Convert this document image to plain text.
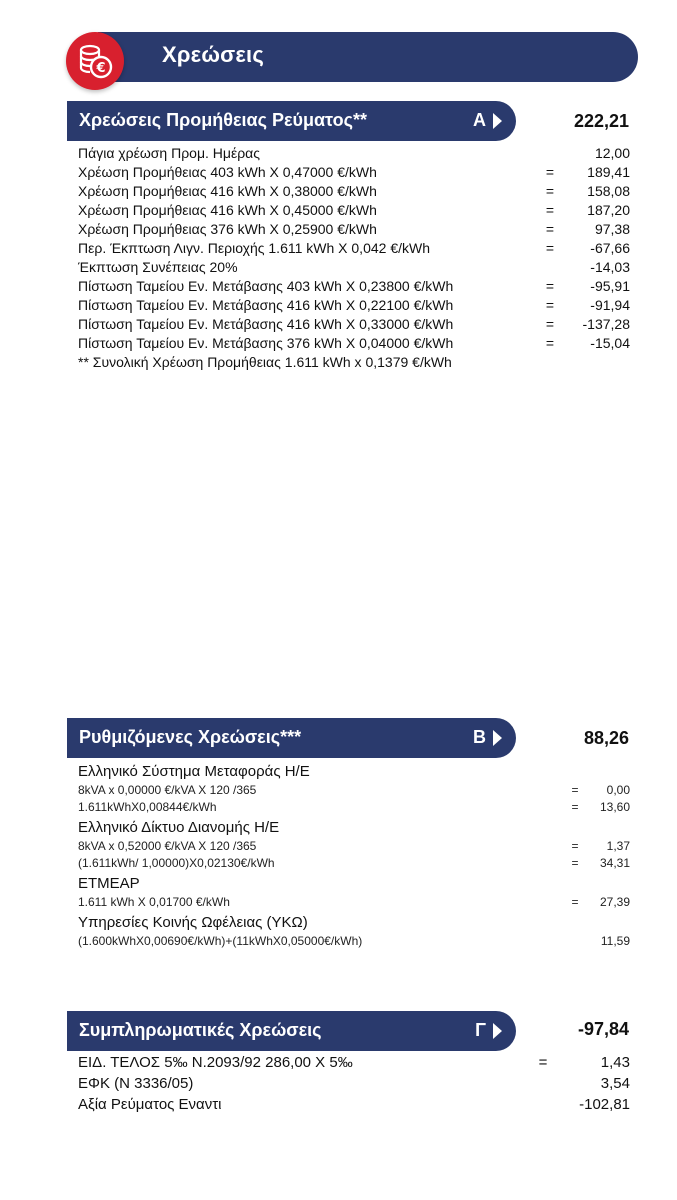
Χρεώσεις
€
Χρεώσεις Προμήθειας Ρεύματος**	Α	222,21
Πάγια χρέωση Προμ. Ημέρας	12,00
Χρέωση Προμήθειας 403 kWh X 0,47000 €/kWh	= 189,41
Χρέωση Προμήθειας 416 kWh X 0,38000 €/kWh	= 158,08
Χρέωση Προμήθειας 416 kWh X 0,45000 €/kWh	= 187,20
Χρέωση Προμήθειας 376 kWh X 0,25900 €/kWh	=	97,38
Περ. Έκπτωση Λιγν. Περιοχής 1.611 kWh X 0,042 €/kWh	=	-67,66
Έκπτωση Συνέπειας 20%	-14,03
Πίστωση Ταμείου Εν. Μετάβασης 403 kWh X 0,23800 €/kWh	=	-95,91
Πίστωση Ταμείου Εν. Μετάβασης 416 kWh X 0,22100 €/kWh	=	-91,94
Πίστωση Ταμείου Εν. Μετάβασης 416 kWh X 0,33000 €/kWh	= -137,28
Πίστωση Ταμείου Εν. Μετάβασης 376 kWh X 0,04000 €/kWh	=	-15,04
** Συνολική Χρέωση Προμήθειας 1.611 kWh x 0,1379 €/kWh
Ρυθμιζόμενες Χρεώσεις***	Β	88,26
Ελληνικό Σύστημα Μεταφοράς Η/Ε
8kVA x 0,00000 €/kVA X 120 /365	= 0,00
1.611kWhX0,00844€/kWh	= 13,60
Ελληνικό Δίκτυο Διανομής Η/Ε
8kVA x 0,52000 €/kVA X 120 /365	= 1,37
(1.611kWh/ 1,00000)X0,02130€/kWh	= 34,31
ΕΤΜΕΑΡ
1.611 kWh X 0,01700 €/kWh	= 27,39
Υπηρεσίες Κοινής Ωφέλειας (ΥΚΩ)
(1.600kWhX0,00690€/kWh)+(11kWhX0,05000€/kWh)	11,59
Συμπληρωματικές Χρεώσεις	Γ	-97,84
ΕΙΔ. ΤΕΛΟΣ 5‰ Ν.2093/92 286,00 X 5‰	=	1,43
ΕΦΚ (Ν 3336/05)	3,54
Αξία Ρεύματος Εναντι	-102,81
